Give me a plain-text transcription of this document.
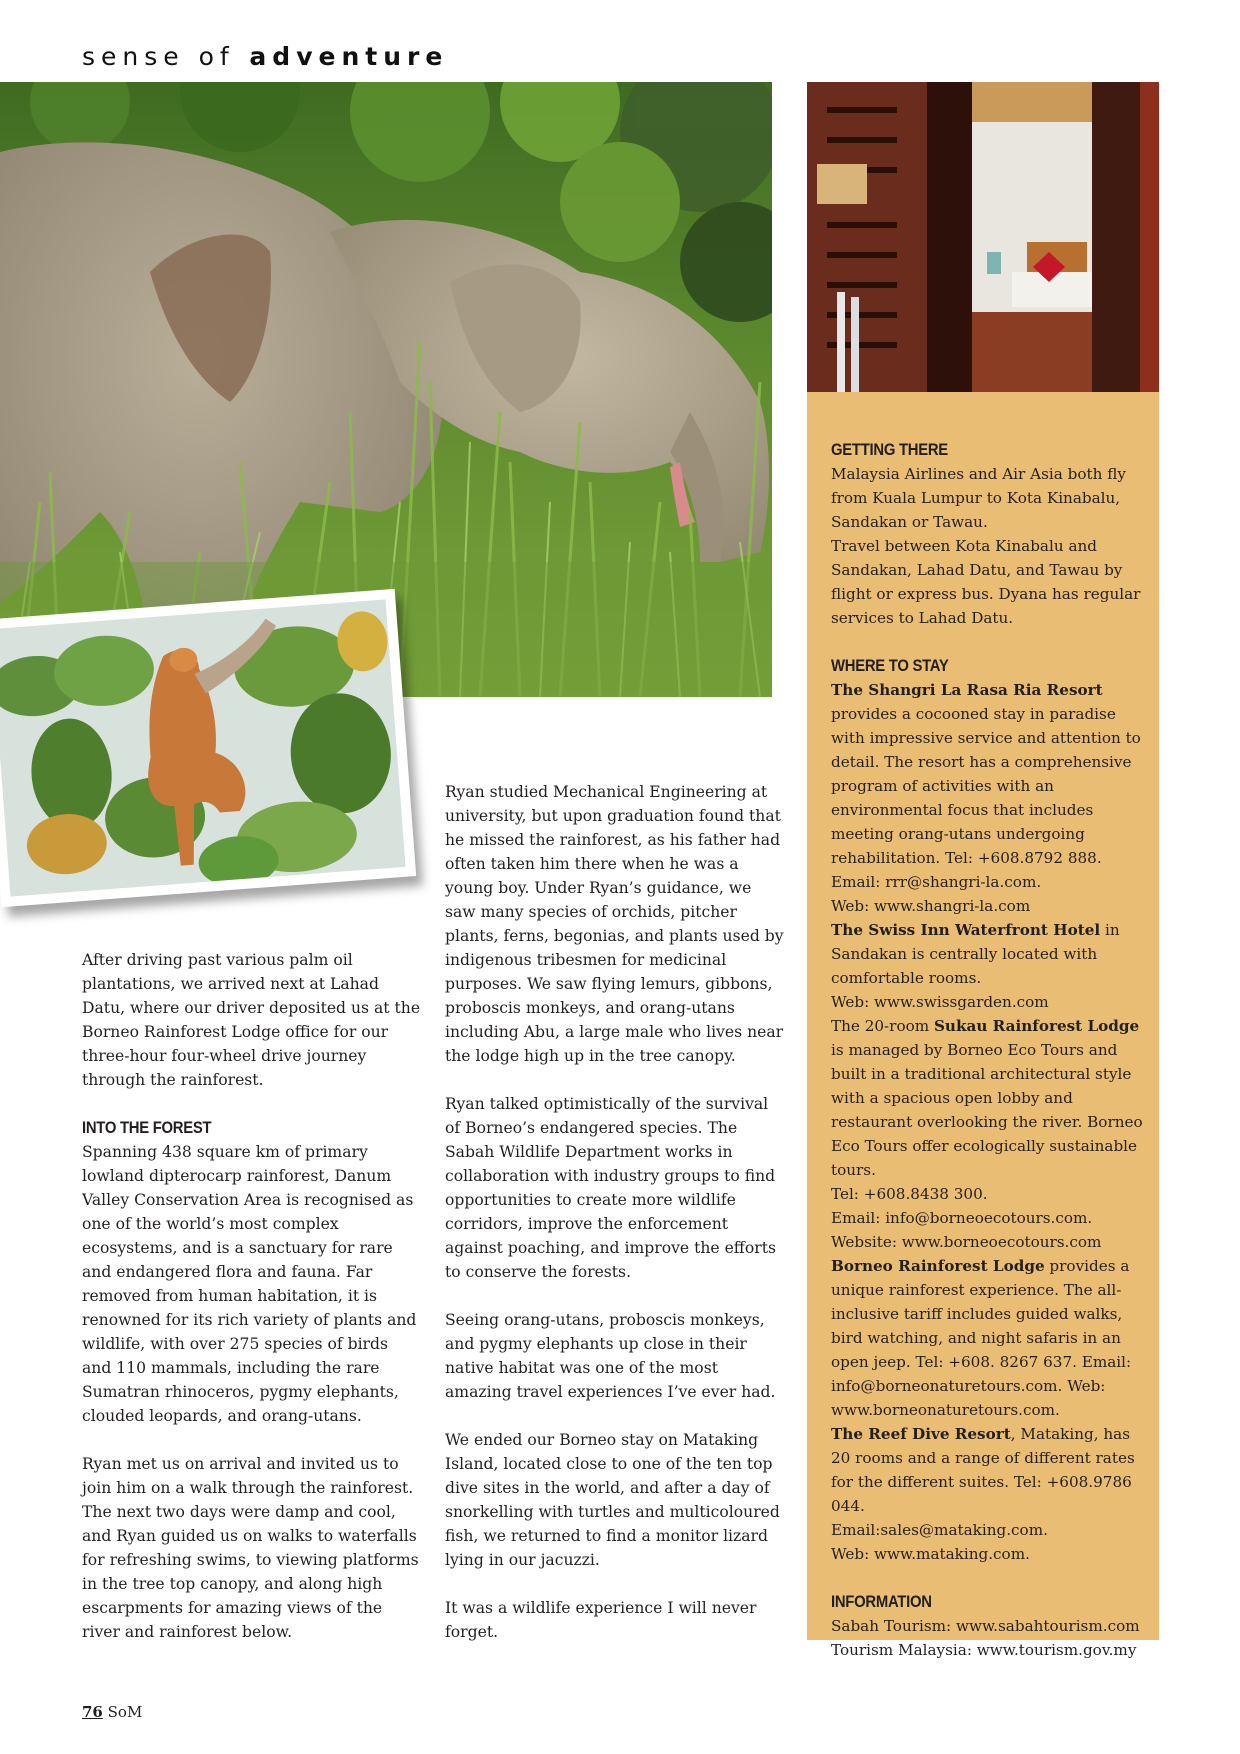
sense of adventure

After driving past various palm oil plantations, we arrived next at Lahad Datu, where our driver deposited us at the Borneo Rainforest Lodge office for our three-hour four-wheel drive journey through the rainforest.

INTO THE FOREST

Spanning 438 square km of primary lowland dipterocarp rainforest, Danum Valley Conservation Area is recognised as one of the world’s most complex ecosystems, and is a sanctuary for rare and endangered flora and fauna. Far removed from human habitation, it is renowned for its rich variety of plants and wildlife, with over 275 species of birds and 110 mammals, including the rare Sumatran rhinoceros, pygmy elephants, clouded leopards, and orang-utans.

Ryan met us on arrival and invited us to join him on a walk through the rainforest. The next two days were damp and cool, and Ryan guided us on walks to waterfalls for refreshing swims, to viewing platforms in the tree top canopy, and along high escarpments for amazing views of the river and rainforest below.

Ryan studied Mechanical Engineering at university, but upon graduation found that he missed the rainforest, as his father had often taken him there when he was a young boy. Under Ryan’s guidance, we saw many species of orchids, pitcher plants, ferns, begonias, and plants used by indigenous tribesmen for medicinal purposes. We saw flying lemurs, gibbons, proboscis monkeys, and orang-utans including Abu, a large male who lives near the lodge high up in the tree canopy.

Ryan talked optimistically of the survival of Borneo’s endangered species. The Sabah Wildlife Department works in collaboration with industry groups to find opportunities to create more wildlife corridors, improve the enforcement against poaching, and improve the efforts to conserve the forests.

Seeing orang-utans, proboscis monkeys, and pygmy elephants up close in their native habitat was one of the most amazing travel experiences I’ve ever had.

We ended our Borneo stay on Mataking Island, located close to one of the ten top dive sites in the world, and after a day of snorkelling with turtles and multicoloured fish, we returned to find a monitor lizard lying in our jacuzzi.

It was a wildlife experience I will never forget.

GETTING THERE

Malaysia Airlines and Air Asia both fly from Kuala Lumpur to Kota Kinabalu, Sandakan or Tawau.

Travel between Kota Kinabalu and Sandakan, Lahad Datu, and Tawau by flight or express bus. Dyana has regular services to Lahad Datu.

WHERE TO STAY

The Shangri La Rasa Ria Resort provides a cocooned stay in paradise with impressive service and attention to detail. The resort has a comprehensive program of activities with an environmental focus that includes meeting orang-utans undergoing rehabilitation. Tel: +608.8792 888.

Email: rrr@shangri-la.com.

Web: www.shangri-la.com

The Swiss Inn Waterfront Hotel in Sandakan is centrally located with comfortable rooms.

Web: www.swissgarden.com

The 20-room Sukau Rainforest Lodge is managed by Borneo Eco Tours and built in a traditional architectural style with a spacious open lobby and restaurant overlooking the river. Borneo Eco Tours offer ecologically sustainable tours.

Tel: +608.8438 300.

Email: info@borneoecotours.com.

Website: www.borneoecotours.com

Borneo Rainforest Lodge provides a unique rainforest experience. The all-inclusive tariff includes guided walks, bird watching, and night safaris in an open jeep. Tel: +608. 8267 637. Email: info@borneonaturetours.com. Web: www.borneonaturetours.com.

The Reef Dive Resort, Mataking, has 20 rooms and a range of different rates for the different suites. Tel: +608.9786 044.

Email:sales@mataking.com.

Web: www.mataking.com.

INFORMATION

Sabah Tourism: www.sabahtourism.com

Tourism Malaysia: www.tourism.gov.my

76 SoM
